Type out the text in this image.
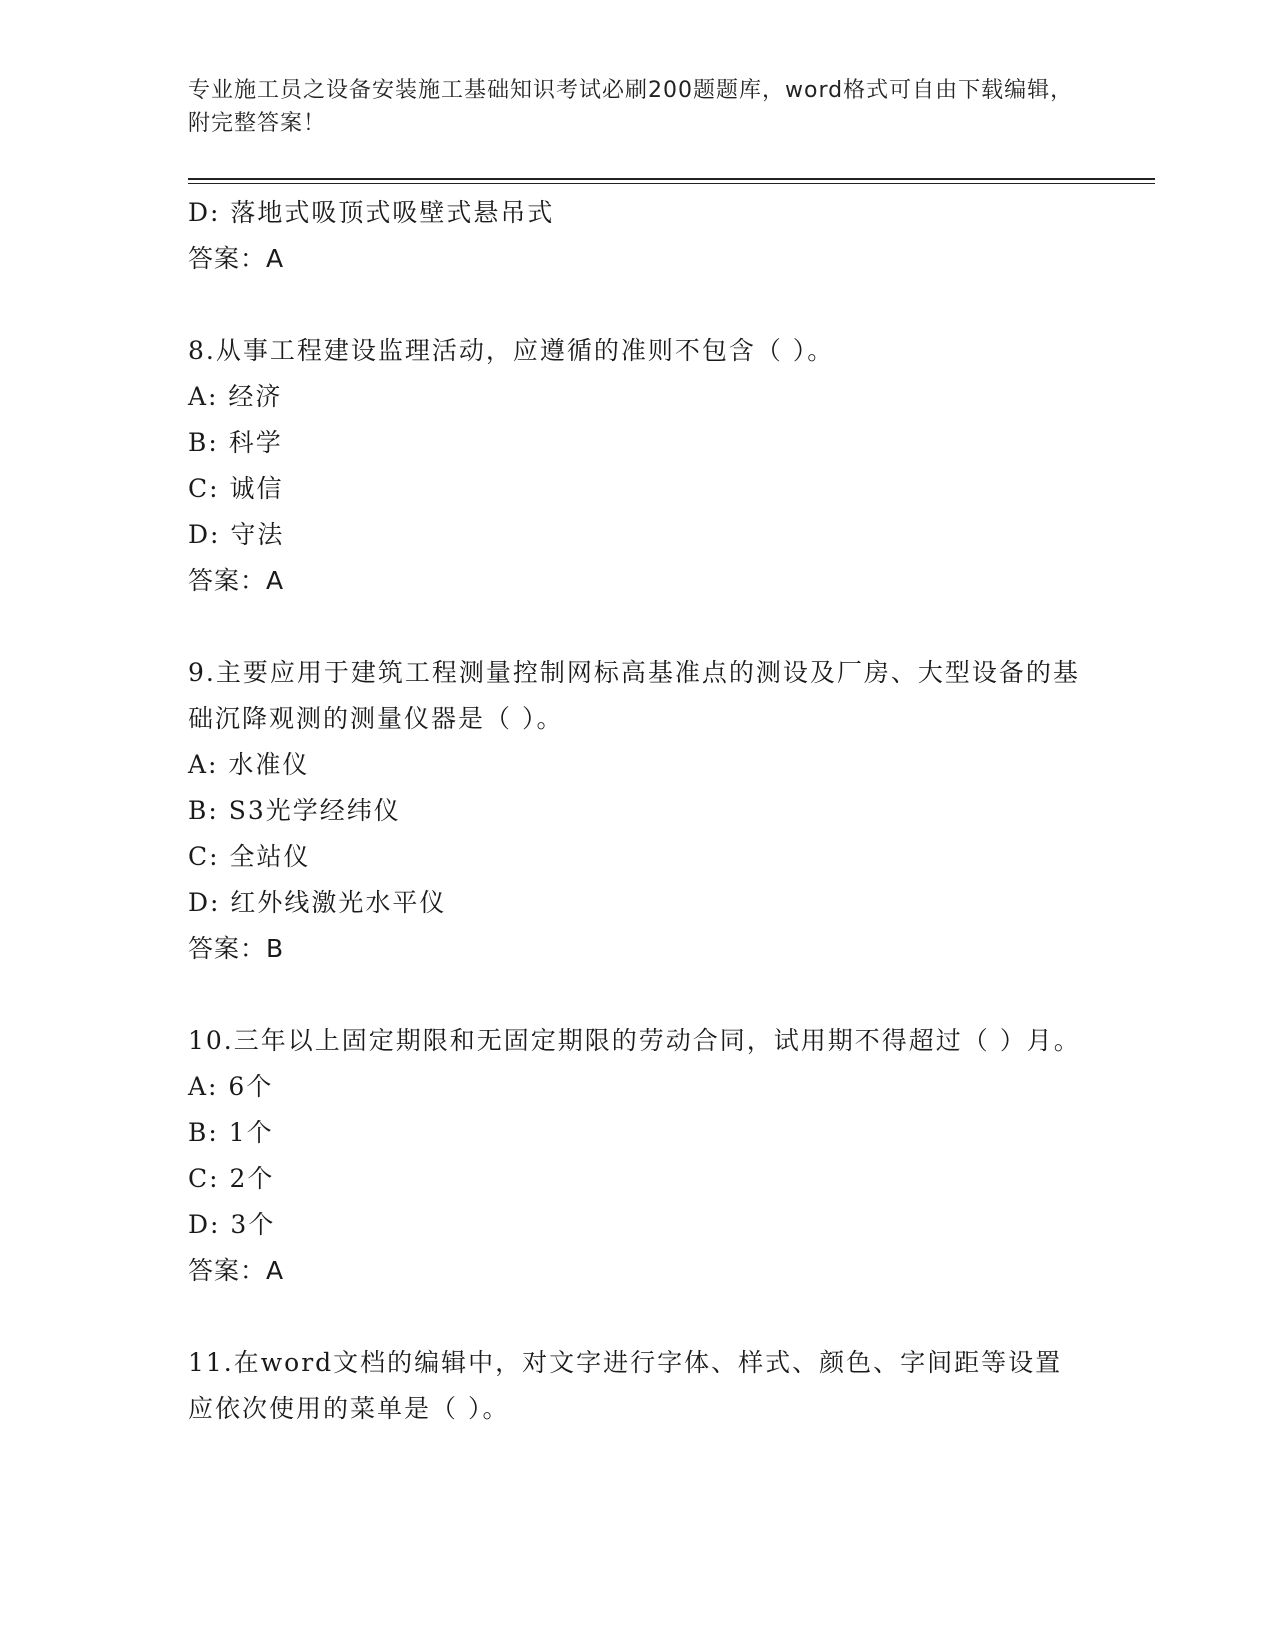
专业施工员之设备安装施工基础知识考试必刷200题题库，word格式可自由下载编辑，附完整答案！
D: 落地式吸顶式吸壁式悬吊式
答案：A
8.从事工程建设监理活动，应遵循的准则不包含（ ）。
A: 经济
B: 科学
C: 诚信
D: 守法
答案：A
9.主要应用于建筑工程测量控制网标高基准点的测设及厂房、大型设备的基础沉降观测的测量仪器是（ ）。
A: 水准仪
B: S3光学经纬仪
C: 全站仪
D: 红外线激光水平仪
答案：B
10.三年以上固定期限和无固定期限的劳动合同，试用期不得超过（ ）月。
A: 6个
B: 1个
C: 2个
D: 3个
答案：A
11.在word文档的编辑中，对文字进行字体、样式、颜色、字间距等设置应依次使用的菜单是（ ）。
